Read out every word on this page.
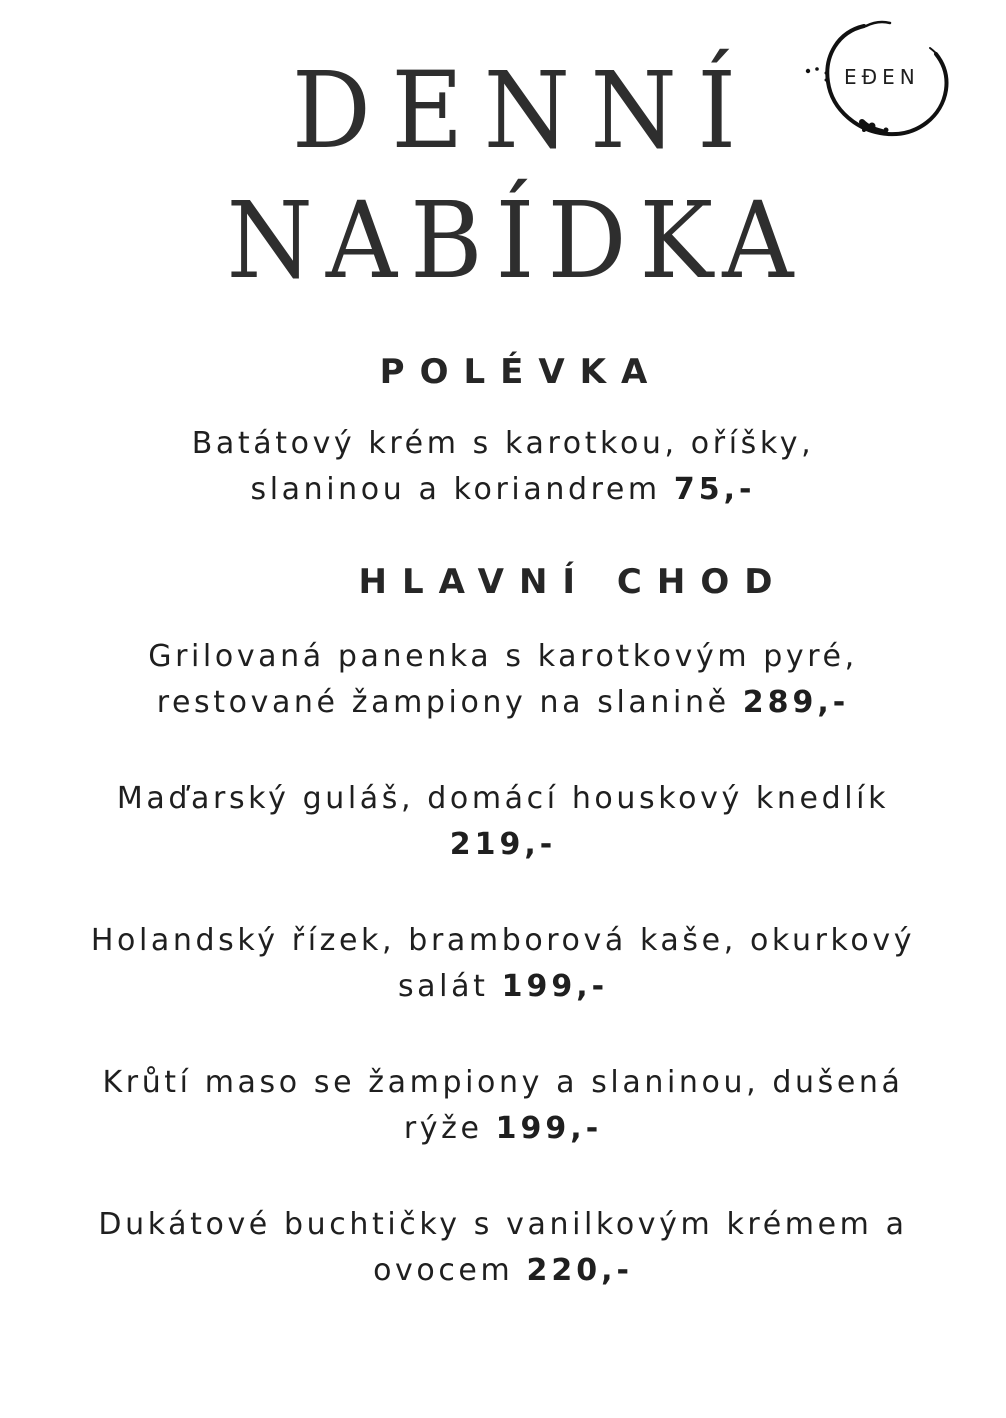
DENNÍ
NABÍDKA
EĐEN
POLÉVKA

Batátový krém s karotkou, oříšky,
slaninou a koriandrem 75,-

HLAVNÍ CHOD

Grilovaná panenka s karotkovým pyré,
restované žampiony na slanině 289,-

Maďarský guláš, domácí houskový knedlík
219,-

Holandský řízek, bramborová kaše, okurkový
salát 199,-

Krůtí maso se žampiony a slaninou, dušená
rýže 199,-

Dukátové buchtičky s vanilkovým krémem a
ovocem 220,-
